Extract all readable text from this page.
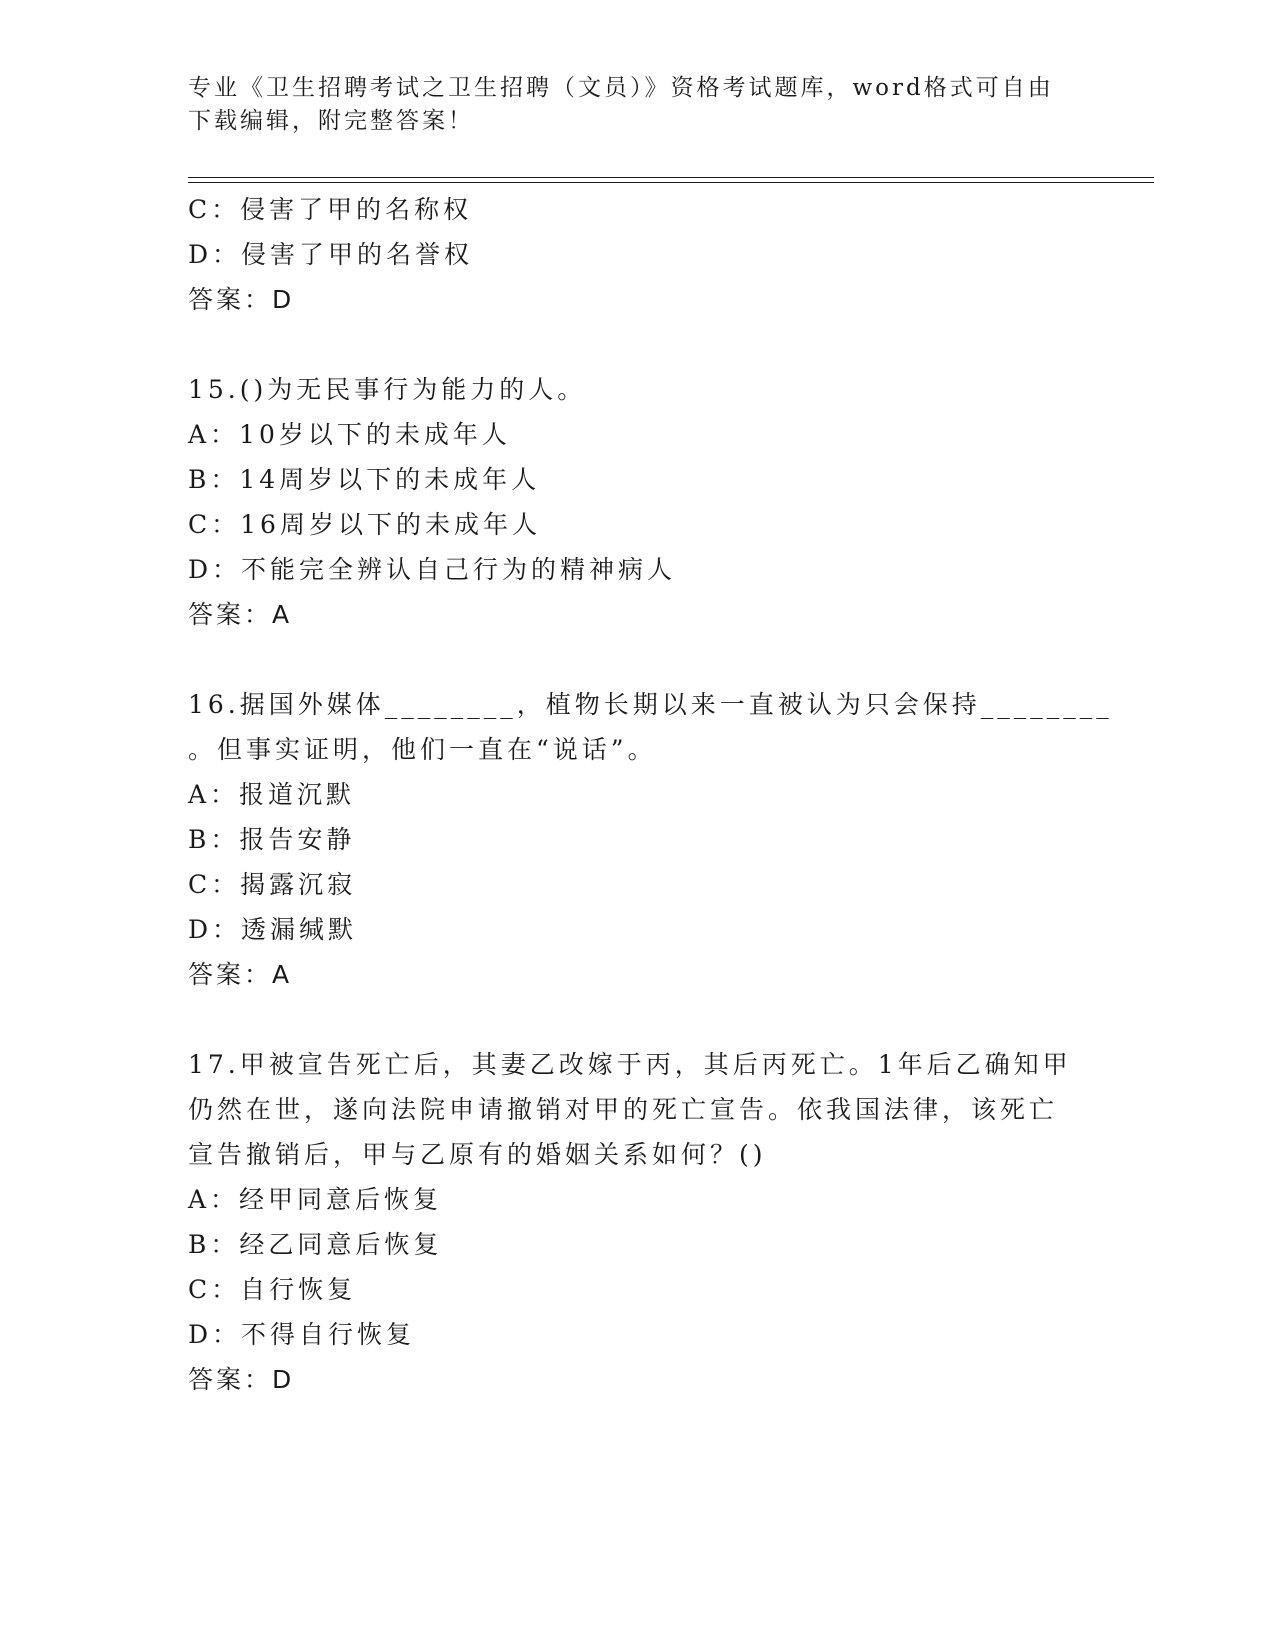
专业《卫生招聘考试之卫生招聘（文员）》资格考试题库，word格式可自由下载编辑，附完整答案！

C：侵害了甲的名称权
D：侵害了甲的名誉权
答案：D
15.()为无民事行为能力的人。
A：10岁以下的未成年人
B：14周岁以下的未成年人
C：16周岁以下的未成年人
D：不能完全辨认自己行为的精神病人
答案：A
16.据国外媒体________，植物长期以来一直被认为只会保持________
。但事实证明，他们一直在“说话”。
A：报道沉默
B：报告安静
C：揭露沉寂
D：透漏缄默
答案：A
17.甲被宣告死亡后，其妻乙改嫁于丙，其后丙死亡。1年后乙确知甲
仍然在世，遂向法院申请撤销对甲的死亡宣告。依我国法律，该死亡
宣告撤销后，甲与乙原有的婚姻关系如何？()
A：经甲同意后恢复
B：经乙同意后恢复
C：自行恢复
D：不得自行恢复
答案：D
